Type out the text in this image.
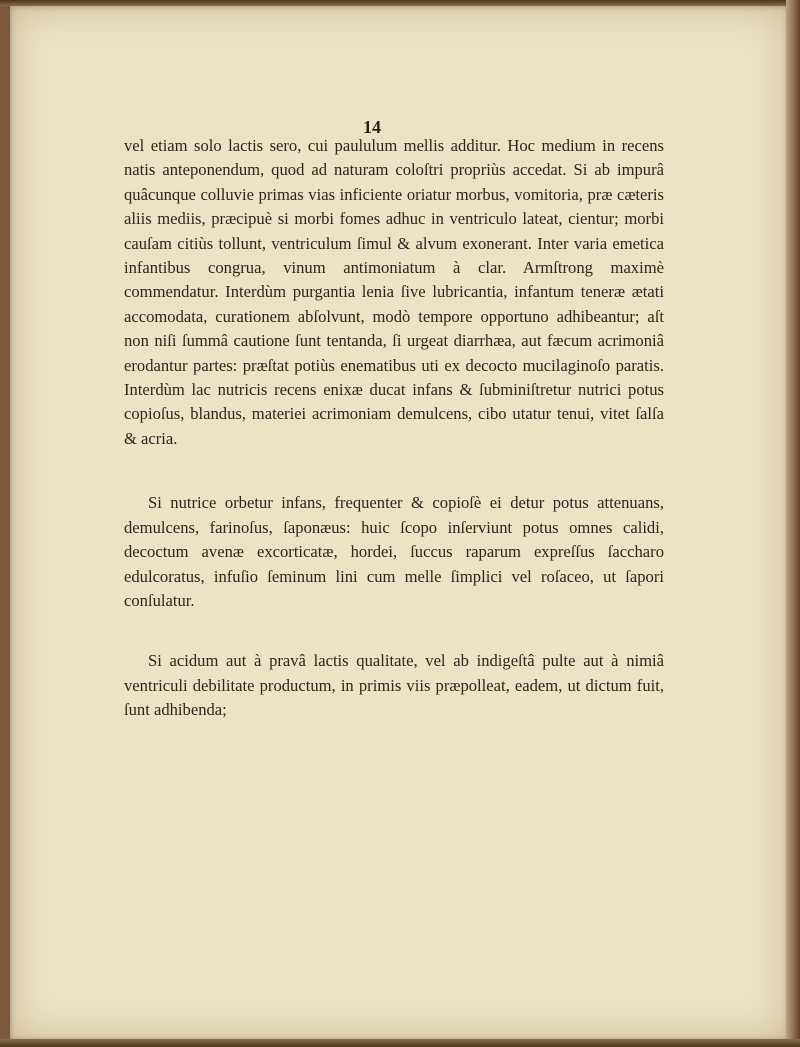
14

vel etiam solo lactis sero, cui paululum mellis additur. Hoc medium in recens natis anteponendum, quod ad naturam coloſtri propriùs accedat. Si ab impurâ quâcunque colluvie primas vias inficiente oriatur morbus, vomitoria, præ cæteris aliis mediis, præcipuè si morbi fomes adhuc in ventriculo lateat, cientur; morbi cauſam citiùs tollunt, ventriculum ſimul & alvum exonerant. Inter varia emetica infantibus congrua, vinum antimoniatum à clar. Armſtrong maximè commendatur. Interdùm purgantia lenia ſive lubricantia, infantum teneræ ætati accomodata, curationem abſolvunt, modò tempore opportuno adhibeantur; aſt non niſi ſummâ cautione ſunt tentanda, ſi urgeat diarrhæa, aut fæcum acrimoniâ erodantur partes: præſtat potiùs enematibus uti ex decocto mucilaginoſo paratis. Interdùm lac nutricis recens enixæ ducat infans & ſubminiſtretur nutrici potus copioſus, blandus, materiei acrimoniam demulcens, cibo utatur tenui, vitet ſalſa & acria.

Si nutrice orbetur infans, frequenter & copioſè ei detur potus attenuans, demulcens, farinoſus, ſaponæus: huic ſcopo inſerviunt potus omnes calidi, decoctum avenæ excorticatæ, hordei, ſuccus raparum expreſſus ſaccharo edulcoratus, infuſio ſeminum lini cum melle ſimplici vel roſaceo, ut ſapori conſulatur.

Si acidum aut à pravâ lactis qualitate, vel ab indigeſtâ pulte aut à nimiâ ventriculi debilitate productum, in primis viis præpolleat, eadem, ut dictum fuit, ſunt adhibenda;
